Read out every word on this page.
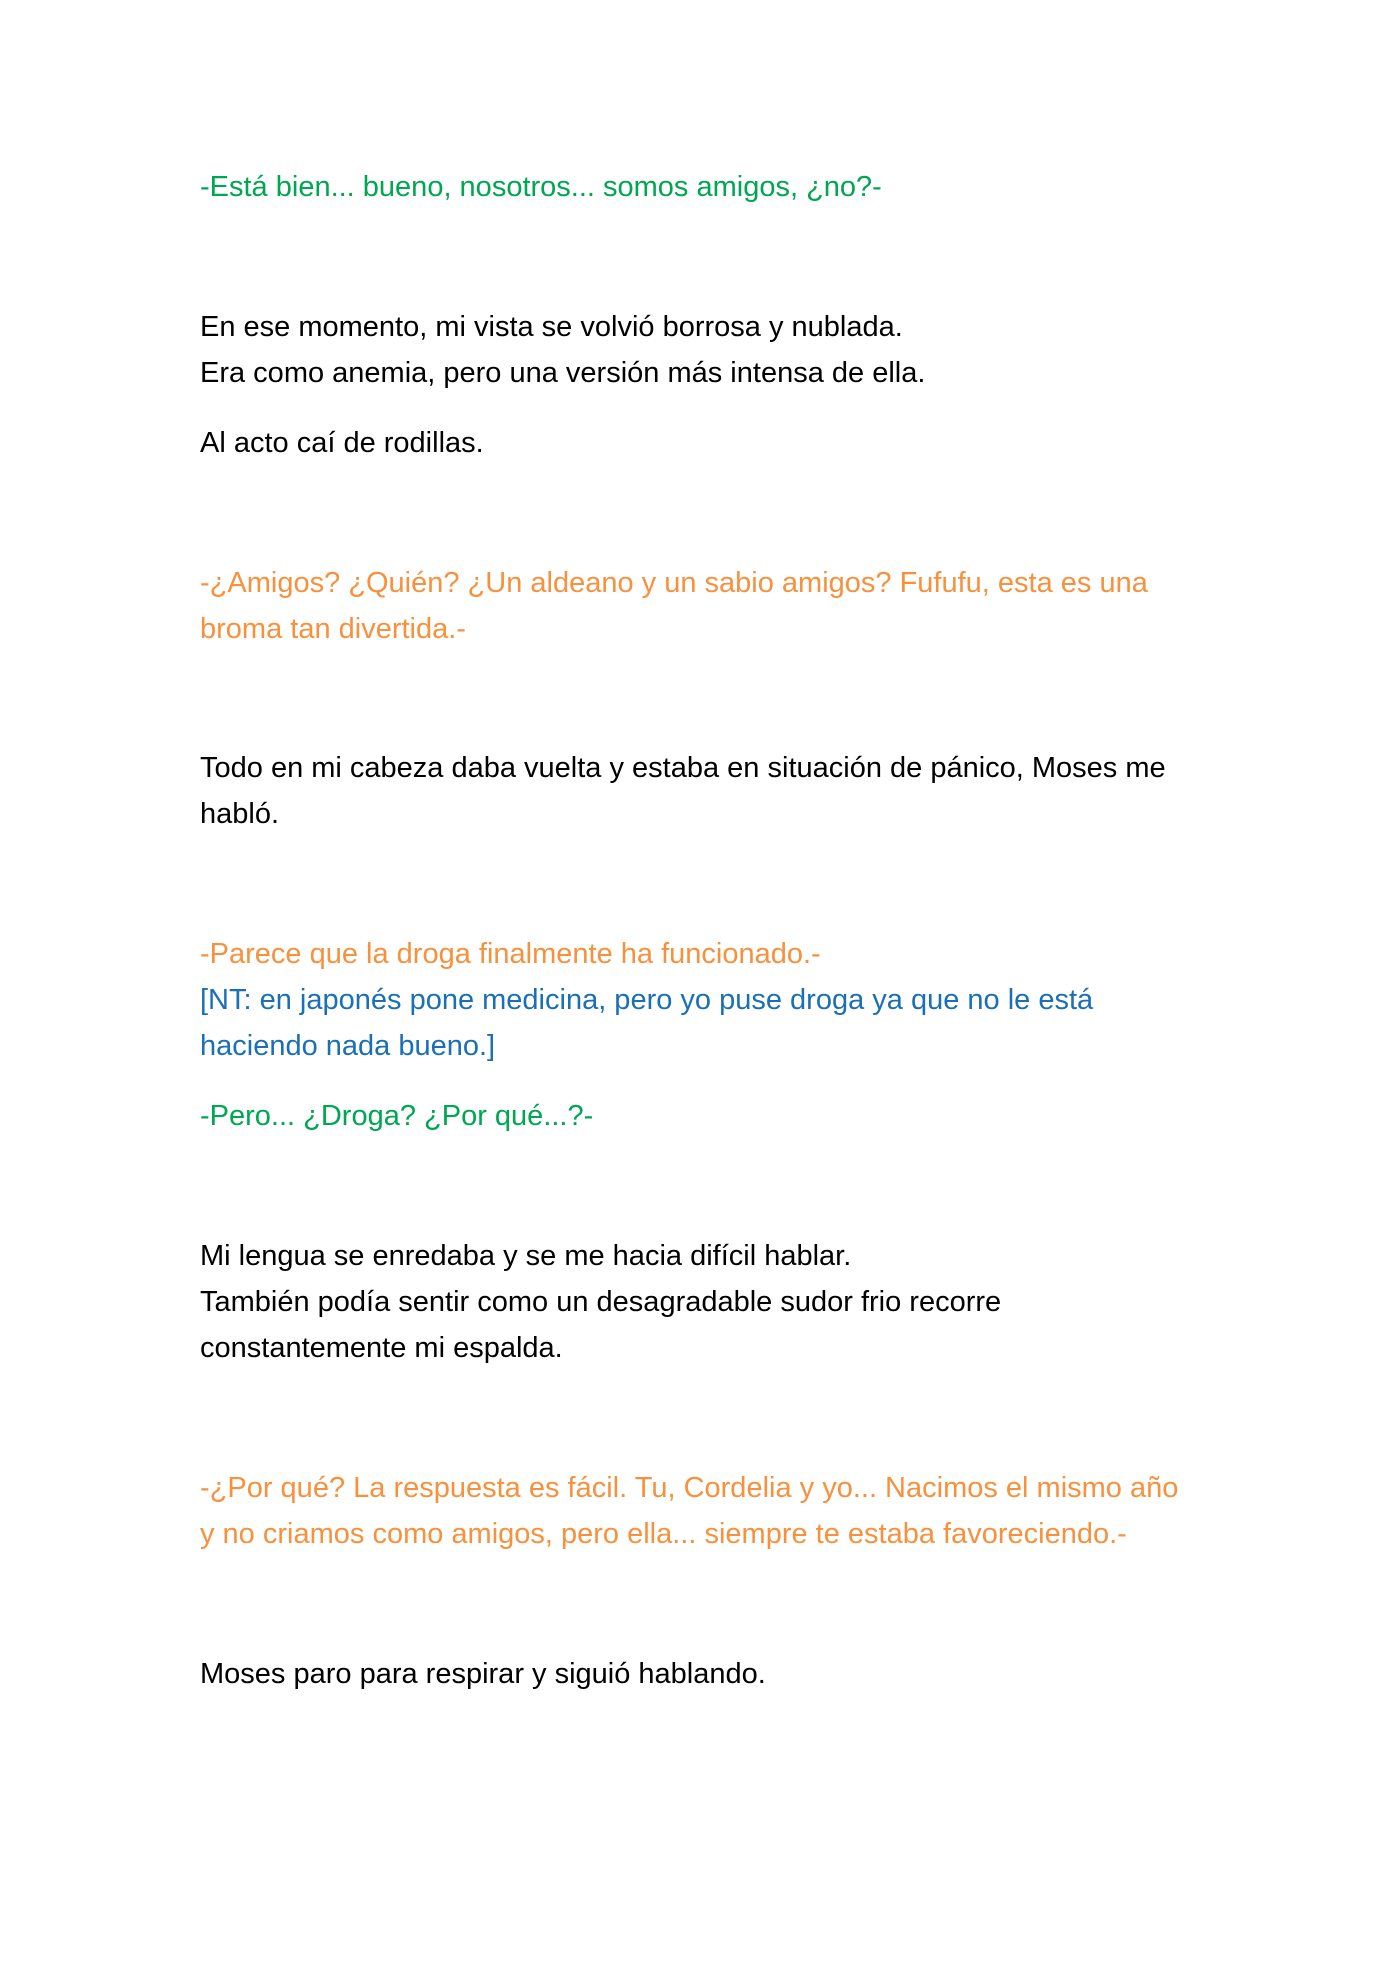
-Está bien... bueno, nosotros... somos amigos, ¿no?-

En ese momento, mi vista se volvió borrosa y nublada.
Era como anemia, pero una versión más intensa de ella.

Al acto caí de rodillas.

-¿Amigos? ¿Quién? ¿Un aldeano y un sabio amigos? Fufufu, esta es una
broma tan divertida.-

Todo en mi cabeza daba vuelta y estaba en situación de pánico, Moses me
habló.

-Parece que la droga finalmente ha funcionado.-

[NT: en japonés pone medicina, pero yo puse droga ya que no le está
haciendo nada bueno.]

-Pero... ¿Droga? ¿Por qué...?-

Mi lengua se enredaba y se me hacia difícil hablar.
También podía sentir como un desagradable sudor frio recorre
constantemente mi espalda.

-¿Por qué? La respuesta es fácil. Tu, Cordelia y yo... Nacimos el mismo año
y no criamos como amigos, pero ella... siempre te estaba favoreciendo.-

Moses paro para respirar y siguió hablando.
